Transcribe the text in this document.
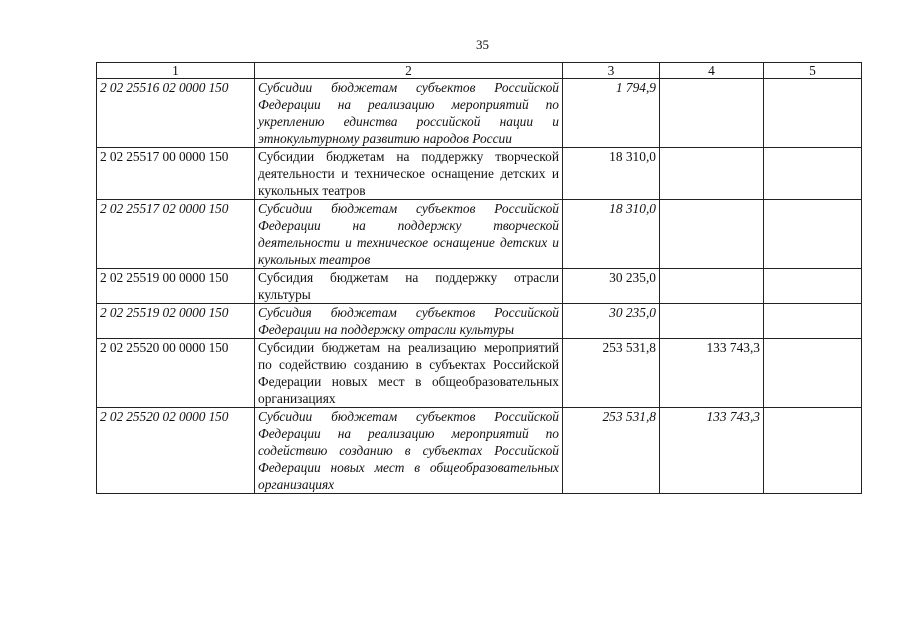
35
1	2	3	4	5
2 02 25516 02 0000 150	Субсидии бюджетам субъектов Российской Федерации на реализацию мероприятий по укреплению единства российской нации и этнокультурному развитию народов России	1 794,9		
2 02 25517 00 0000 150	Субсидии бюджетам на поддержку творческой деятельности и техническое оснащение детских и кукольных театров	18 310,0		
2 02 25517 02 0000 150	Субсидии бюджетам субъектов Российской Федерации на поддержку творческой деятельности и техническое оснащение детских и кукольных театров	18 310,0		
2 02 25519 00 0000 150	Субсидия бюджетам на поддержку отрасли культуры	30 235,0		
2 02 25519 02 0000 150	Субсидия бюджетам субъектов Российской Федерации на поддержку отрасли культуры	30 235,0		
2 02 25520 00 0000 150	Субсидии бюджетам на реализацию мероприятий по содействию созданию в субъектах Российской Федерации новых мест в общеобразовательных организациях	253 531,8	133 743,3	
2 02 25520 02 0000 150	Субсидии бюджетам субъектов Российской Федерации на реализацию мероприятий по содействию созданию в субъектах Российской Федерации новых мест в общеобразовательных организациях	253 531,8	133 743,3	
